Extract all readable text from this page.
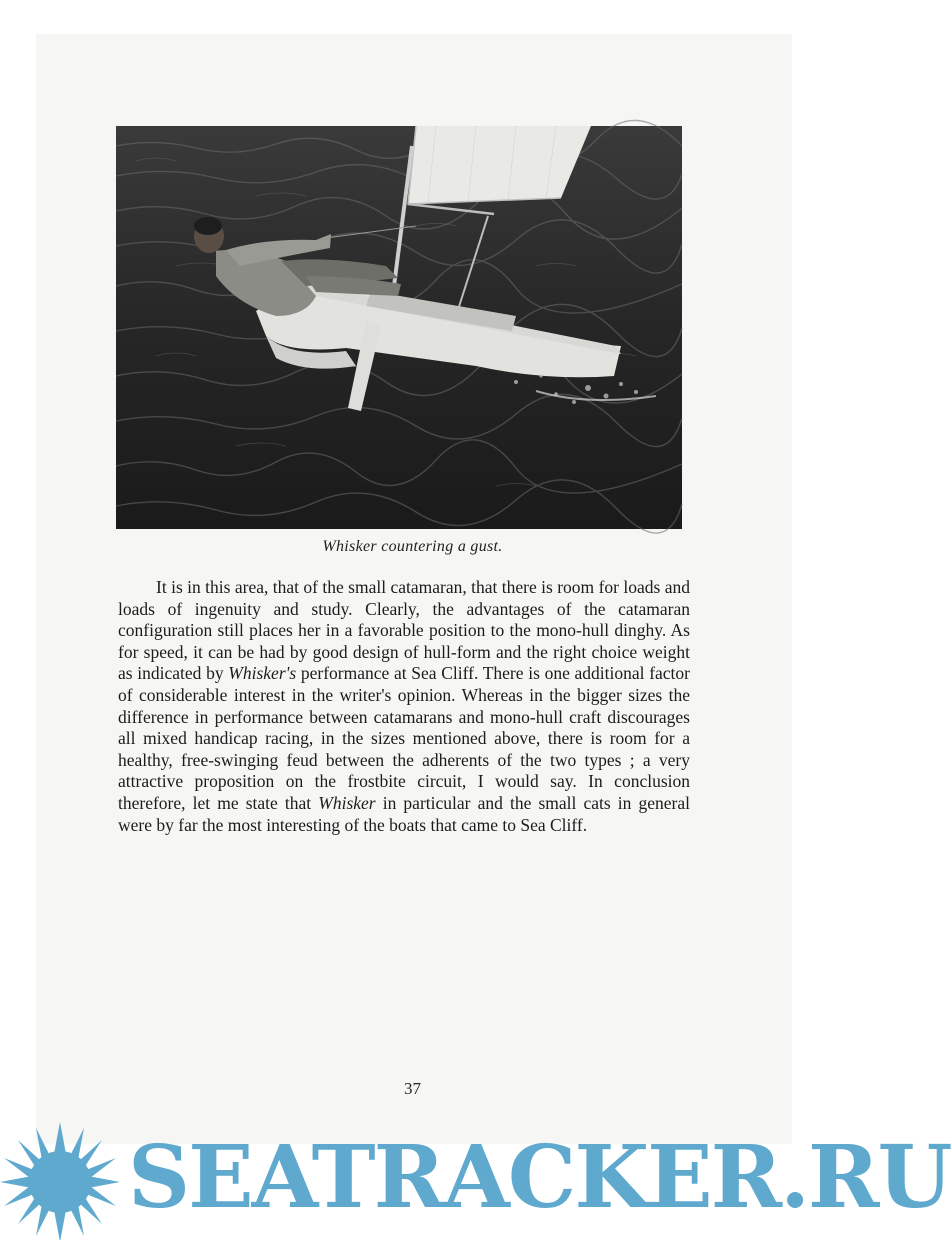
Whisker countering a gust.

It is in this area, that of the small catamaran, that there is room for loads and loads of ingenuity and study. Clearly, the advantages of the catamaran configuration still places her in a favorable position to the mono-hull dinghy. As for speed, it can be had by good design of hull-form and the right choice weight as indicated by Whisker's performance at Sea Cliff. There is one additional factor of considerable interest in the writer's opinion. Whereas in the bigger sizes the difference in performance between catamarans and mono-hull craft discourages all mixed handicap racing, in the sizes mentioned above, there is room for a healthy, free-swinging feud between the adherents of the two types ; a very attractive proposition on the frostbite circuit, I would say. In conclusion therefore, let me state that Whisker in particular and the small cats in general were by far the most interesting of the boats that came to Sea Cliff.

37
SEATRACKER.RU
